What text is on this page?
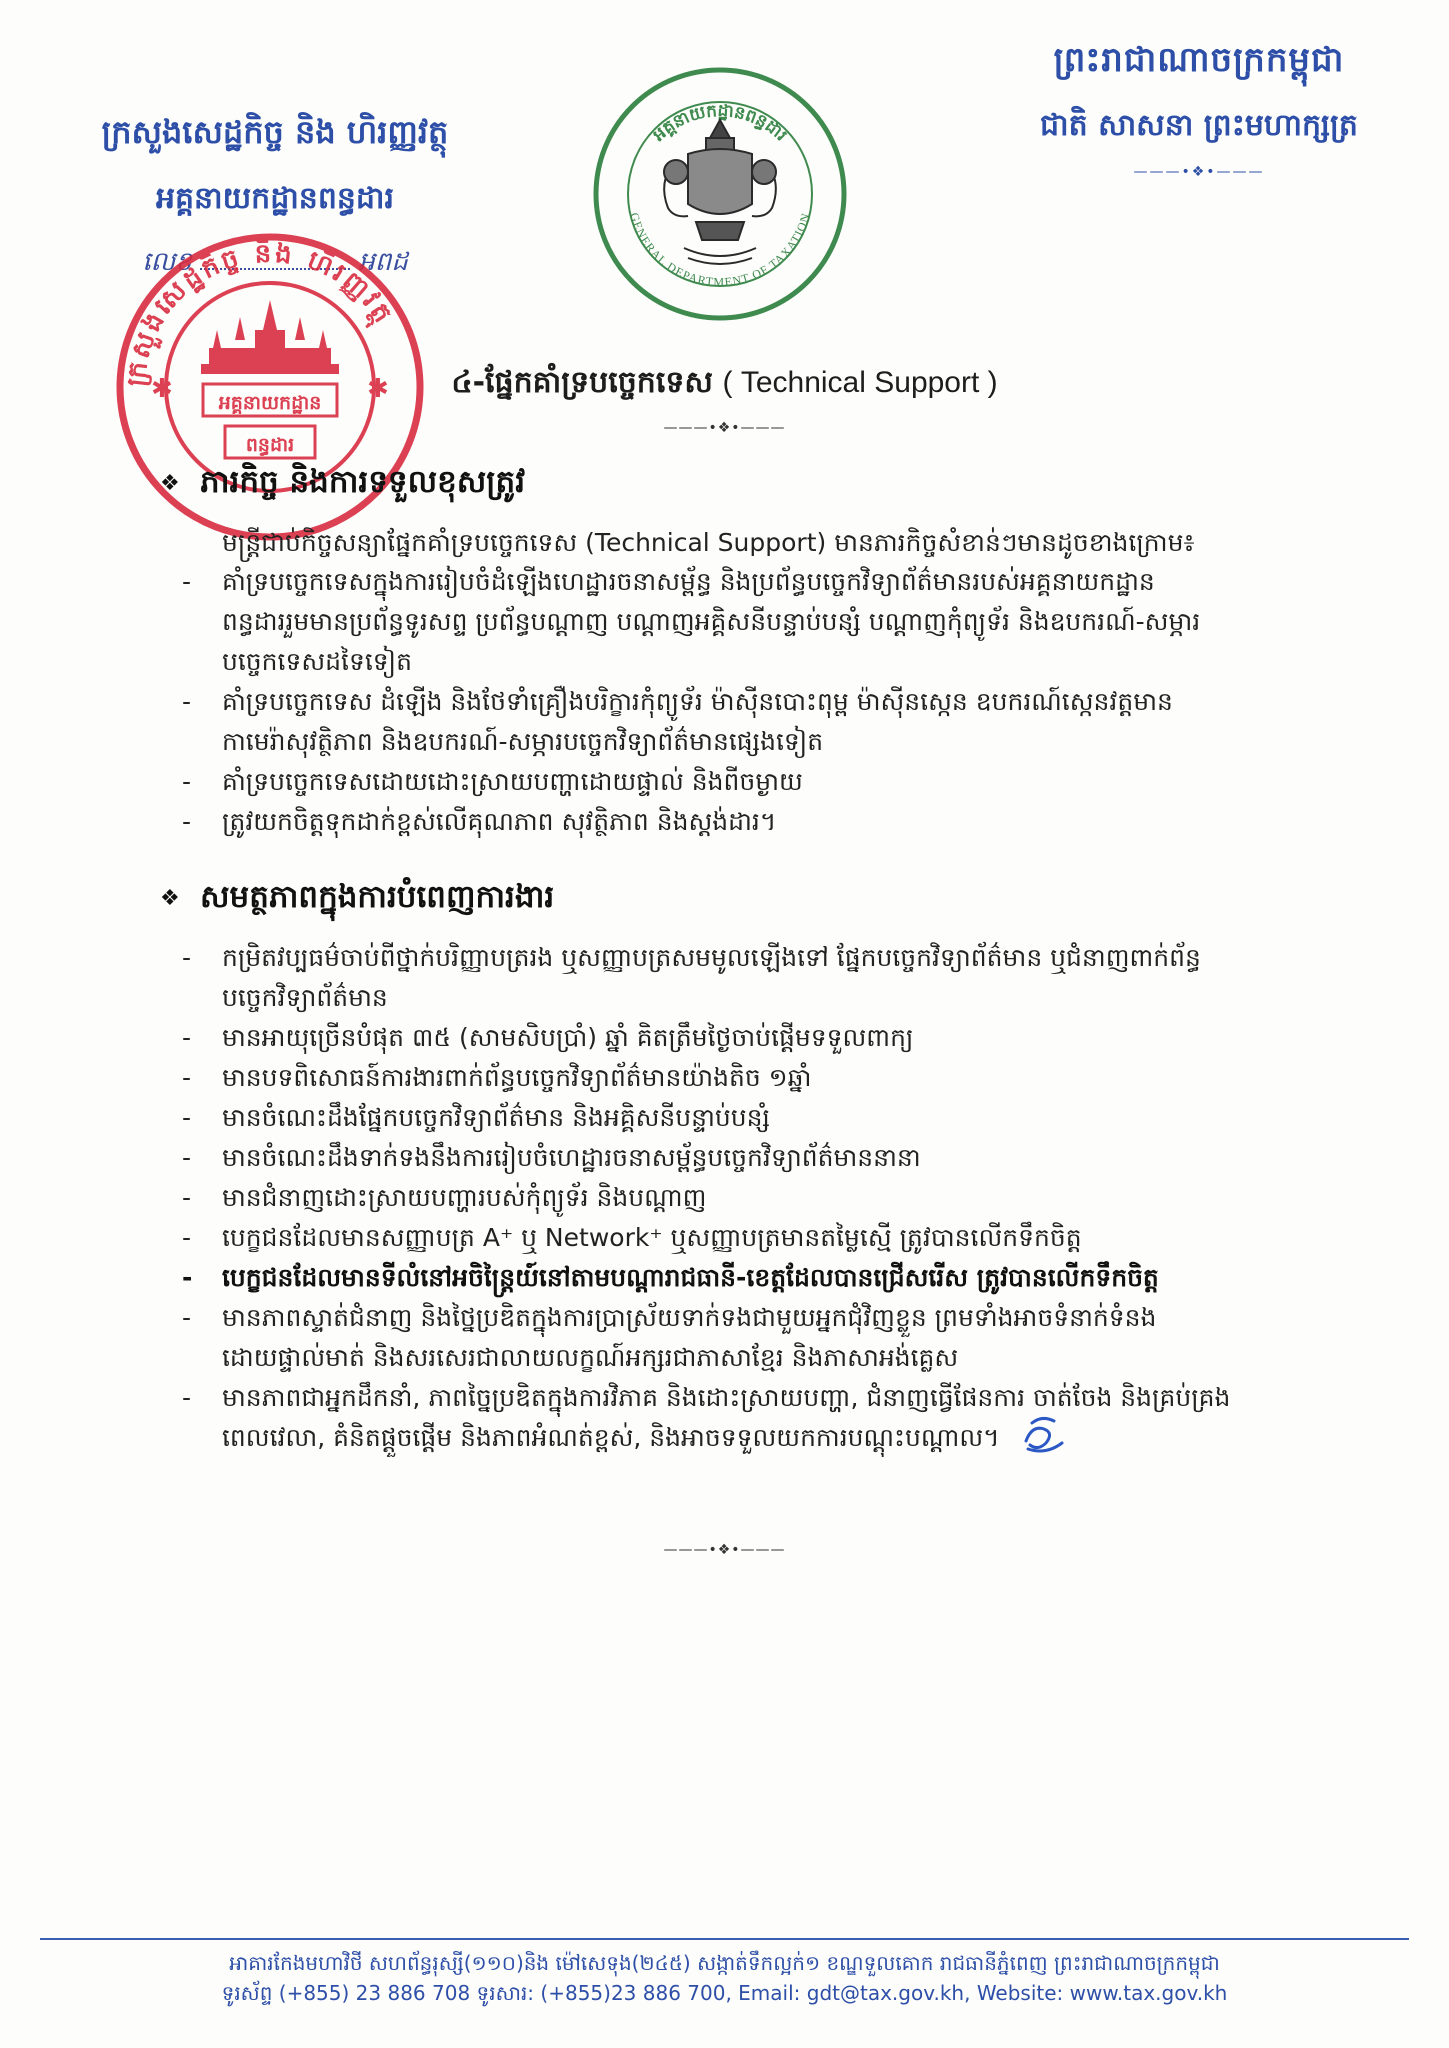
ព្រះរាជាណាចក្រកម្ពុជា
ជាតិ សាសនា ព្រះមហាក្សត្រ
———•❖•———
ក្រសួងសេដ្ឋកិច្ច និង ហិរញ្ញវត្ថុ
អគ្គនាយកដ្ឋានពន្ធដារ
លេខ	អពដ
GENERAL DEPARTMENT OF TAXATION
អគ្គនាយកដ្ឋានពន្ធដារ
ក្រសួងសេដ្ឋកិច្ច និង ហិរញ្ញវត្ថុ
✱	✱
អគ្គនាយកដ្ឋាន
ពន្ធដារ
៤-ផ្នែកគាំទ្របច្ចេកទេស ( Technical Support )
———•❖•———
❖ ភារកិច្ច និងការទទួលខុសត្រូវ
មន្ត្រីជាប់កិច្ចសន្យាផ្នែកគាំទ្របច្ចេកទេស (Technical Support) មានភារកិច្ចសំខាន់ៗមានដូចខាងក្រោម៖
- គាំទ្របច្ចេកទេសក្នុងការរៀបចំដំឡើងហេដ្ឋារចនាសម្ព័ន្ធ និងប្រព័ន្ធបច្ចេកវិទ្យាព័ត៌មានរបស់អគ្គនាយកដ្ឋាន
ពន្ធដាររួមមានប្រព័ន្ធទូរសព្ទ ប្រព័ន្ធបណ្តាញ បណ្តាញអគ្គិសនីបន្ទាប់បន្សំ បណ្តាញកុំព្យូទ័រ និងឧបករណ៍-សម្ភារ
បច្ចេកទេសដទៃទៀត
- គាំទ្របច្ចេកទេស ដំឡើង និងថែទាំគ្រឿងបរិក្ខារកុំព្យូទ័រ ម៉ាស៊ីនបោះពុម្ព ម៉ាស៊ីនស្កេន ឧបករណ៍ស្កេនវត្តមាន
កាមេរ៉ាសុវត្ថិភាព និងឧបករណ៍-សម្ភារបច្ចេកវិទ្យាព័ត៌មានផ្សេងទៀត
- គាំទ្របច្ចេកទេសដោយដោះស្រាយបញ្ហាដោយផ្ទាល់ និងពីចម្ងាយ
- ត្រូវយកចិត្តទុកដាក់ខ្ពស់លើគុណភាព សុវត្ថិភាព និងស្តង់ដារ។
❖ សមត្ថភាពក្នុងការបំពេញការងារ
- កម្រិតវប្បធម៌ចាប់ពីថ្នាក់បរិញ្ញាបត្ររង ឬសញ្ញាបត្រសមមូលឡើងទៅ ផ្នែកបច្ចេកវិទ្យាព័ត៌មាន ឬជំនាញពាក់ព័ន្ធ
បច្ចេកវិទ្យាព័ត៌មាន
- មានអាយុច្រើនបំផុត ៣៥ (សាមសិបប្រាំ) ឆ្នាំ គិតត្រឹមថ្ងៃចាប់ផ្តើមទទួលពាក្យ
- មានបទពិសោធន៍ការងារពាក់ព័ន្ធបច្ចេកវិទ្យាព័ត៌មានយ៉ាងតិច ១ឆ្នាំ
- មានចំណេះដឹងផ្នែកបច្ចេកវិទ្យាព័ត៌មាន និងអគ្គិសនីបន្ទាប់បន្សំ
- មានចំណេះដឹងទាក់ទងនឹងការរៀបចំហេដ្ឋារចនាសម្ព័ន្ធបច្ចេកវិទ្យាព័ត៌មាននានា
- មានជំនាញដោះស្រាយបញ្ហារបស់កុំព្យូទ័រ និងបណ្តាញ
- បេក្ខជនដែលមានសញ្ញាបត្រ A⁺ ឬ Network⁺ ឬសញ្ញាបត្រមានតម្លៃស្មើ ត្រូវបានលើកទឹកចិត្ត
- បេក្ខជនដែលមានទីលំនៅអចិន្ត្រៃយ៍នៅតាមបណ្តារាជធានី-ខេត្តដែលបានជ្រើសរើស ត្រូវបានលើកទឹកចិត្ត
- មានភាពស្ទាត់ជំនាញ និងថ្នៃប្រឌិតក្នុងការប្រាស្រ័យទាក់ទងជាមួយអ្នកជុំវិញខ្លួន ព្រមទាំងអាចទំនាក់ទំនង
ដោយផ្ទាល់មាត់ និងសរសេរជាលាយលក្ខណ៍អក្សរជាភាសាខ្មែរ និងភាសាអង់គ្លេស
- មានភាពជាអ្នកដឹកនាំ, ភាពច្នៃប្រឌិតក្នុងការវិភាគ និងដោះស្រាយបញ្ហា, ជំនាញធ្វើផែនការ ចាត់ចែង និងគ្រប់គ្រង
ពេលវេលា, គំនិតផ្តួចផ្តើម និងភាពអំណត់ខ្ពស់, និងអាចទទួលយកការបណ្តុះបណ្តាល។
———•❖•———
អាគារកែងមហាវិថី សហព័ន្ធរុស្សី(១១០)និង ម៉ៅសេទុង(២៤៥) សង្កាត់ទឹកល្អក់១ ខណ្ឌទួលគោក រាជធានីភ្នំពេញ ព្រះរាជាណាចក្រកម្ពុជា
ទូរស័ព្ទ (+855) 23 886 708 ទូរសារ: (+855)23 886 700, Email: gdt@tax.gov.kh, Website: www.tax.gov.kh
